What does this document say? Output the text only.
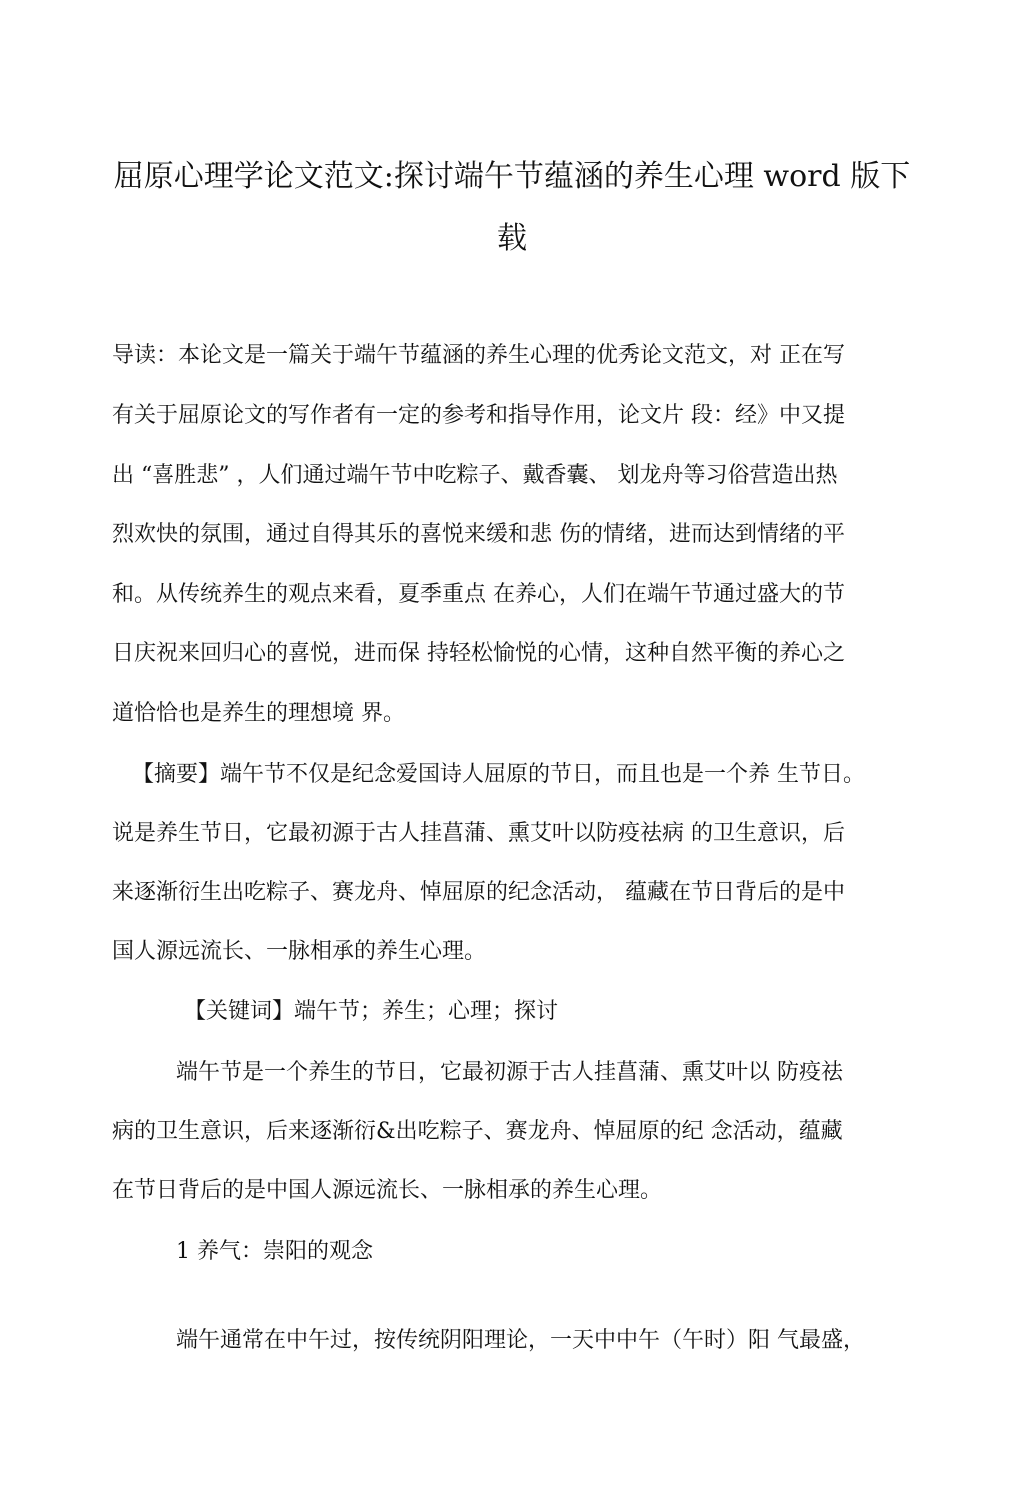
屈原心理学论文范文:探讨端午节蕴涵的养生心理 word 版下
载

导读：本论文是一篇关于端午节蕴涵的养生心理的优秀论文范文，对 正在写

有关于屈原论文的写作者有一定的参考和指导作用，论文片 段：经》中又提

出 “喜胜悲” ，人们通过端午节中吃粽子、戴香囊、 划龙舟等习俗营造出热

烈欢快的氛围，通过自得其乐的喜悦来缓和悲 伤的情绪，进而达到情绪的平

和。从传统养生的观点来看，夏季重点 在养心，人们在端午节通过盛大的节

日庆祝来回归心的喜悦，进而保 持轻松愉悦的心情，这种自然平衡的养心之

道恰恰也是养生的理想境 界。

【摘要】端午节不仅是纪念爱国诗人屈原的节日，而且也是一个养 生节日。

说是养生节日，它最初源于古人挂菖蒲、熏艾叶以防疫祛病 的卫生意识，后

来逐渐衍生出吃粽子、赛龙舟、悼屈原的纪念活动， 蕴藏在节日背后的是中

国人源远流长、一脉相承的养生心理。

【关键词】端午节；养生；心理；探讨

端午节是一个养生的节日，它最初源于古人挂菖蒲、熏艾叶以 防疫祛

病的卫生意识，后来逐渐衍&出吃粽子、赛龙舟、悼屈原的纪 念活动，蕴藏

在节日背后的是中国人源远流长、一脉相承的养生心理。

1 养气：崇阳的观念

端午通常在中午过，按传统阴阳理论，一天中中午（午时）阳 气最盛，
